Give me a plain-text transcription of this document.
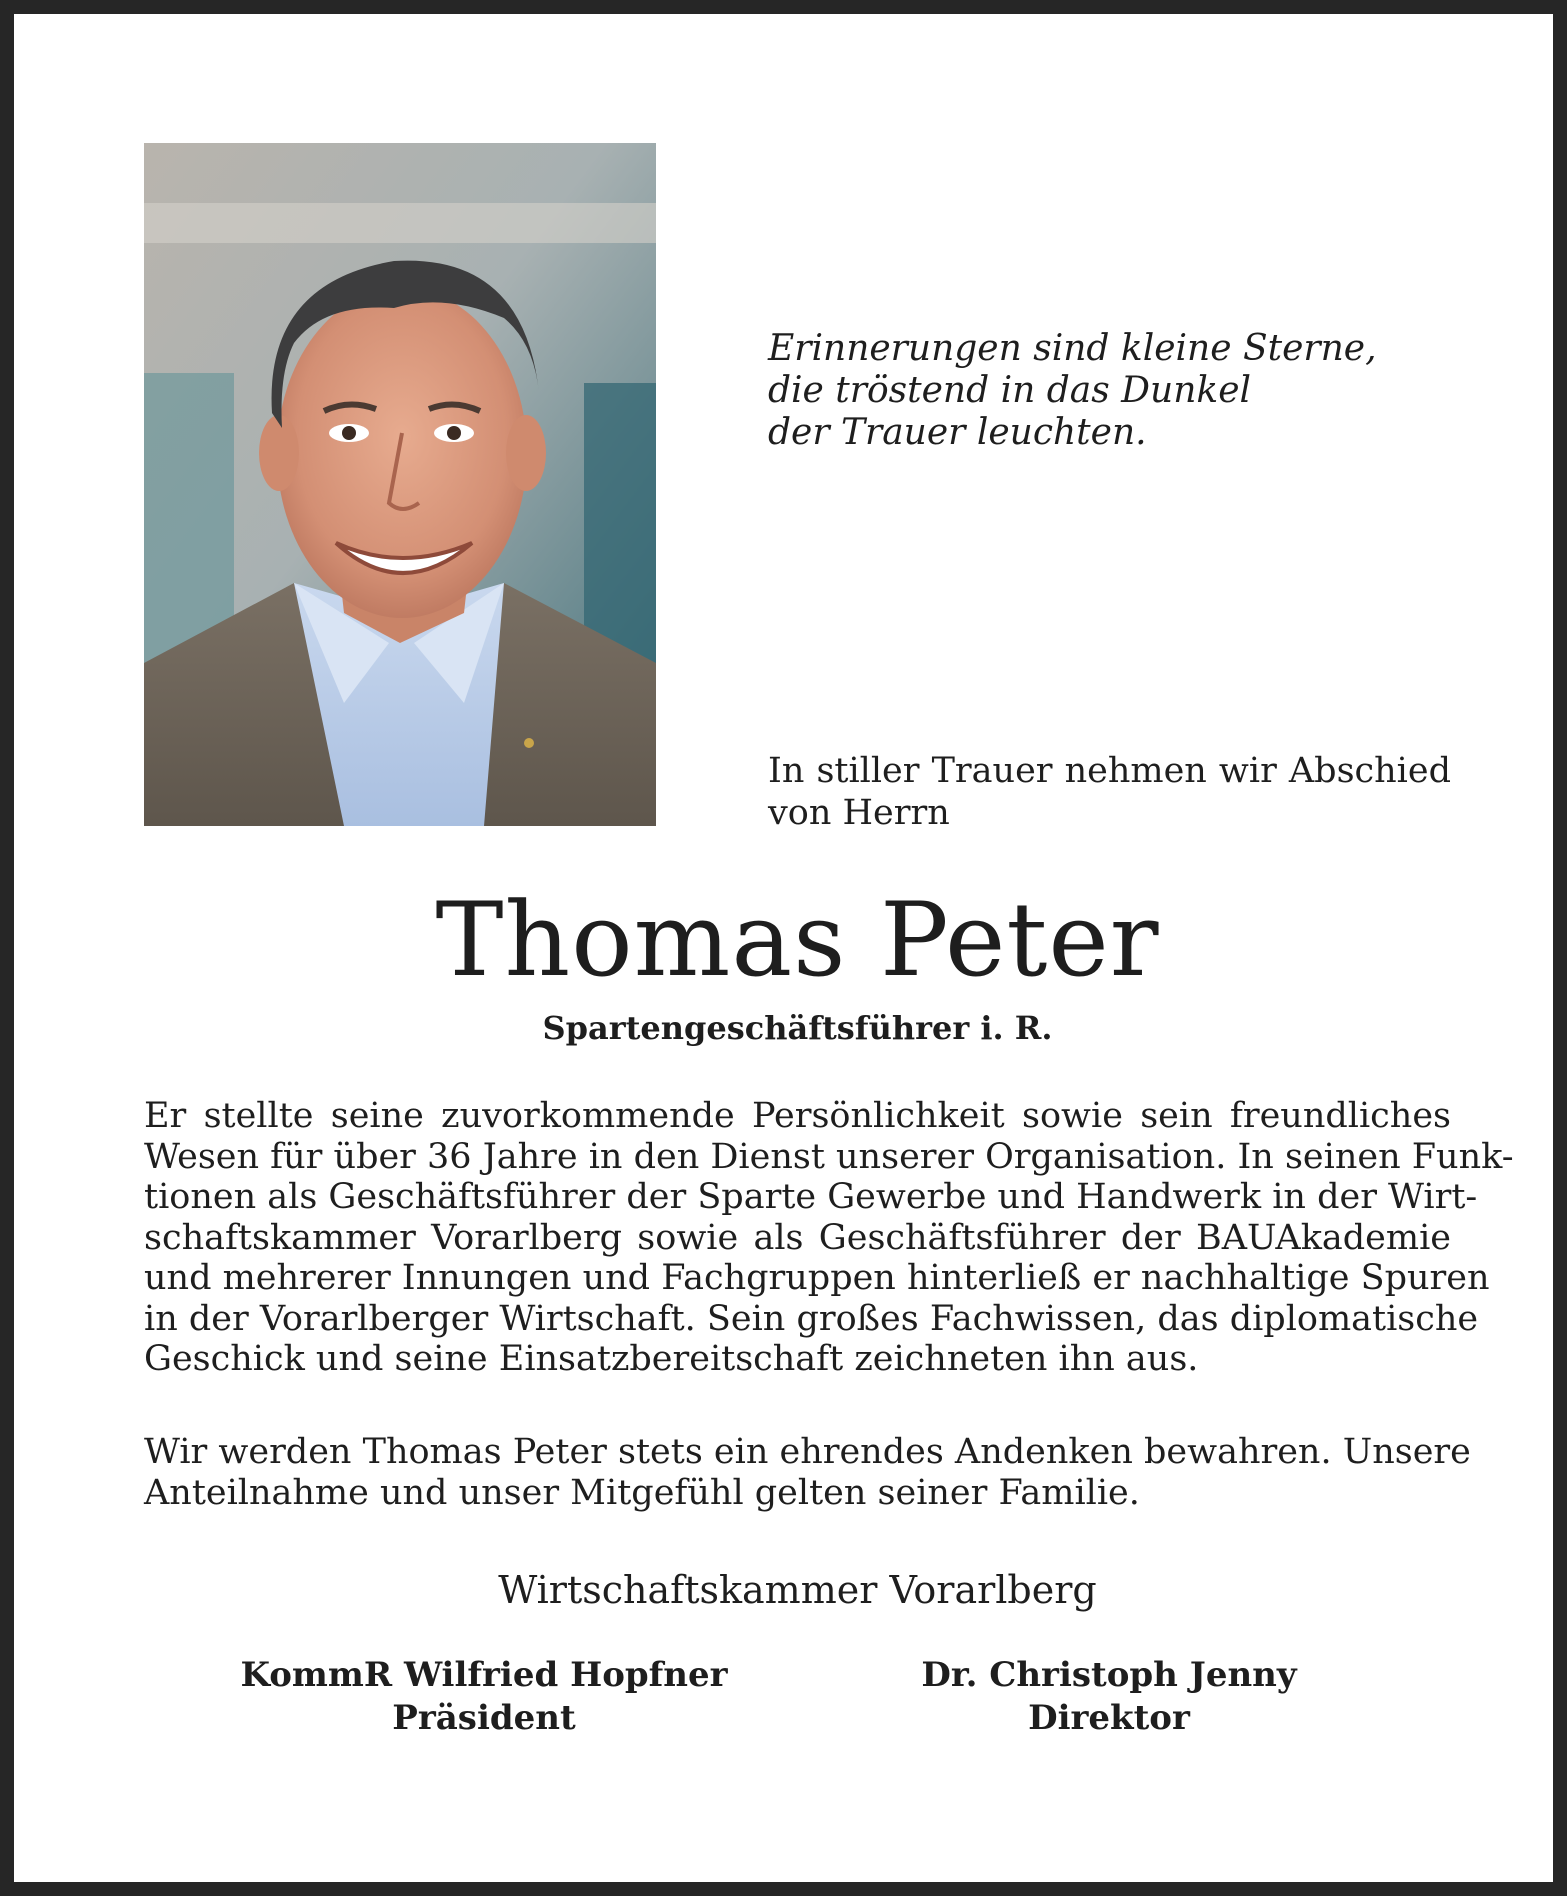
Erinnerungen sind kleine Sterne,
die tröstend in das Dunkel
der Trauer leuchten.
In stiller Trauer nehmen wir Abschied
von Herrn
Thomas Peter
Spartengeschäftsführer i. R.
Er stellte seine zuvorkommende Persönlichkeit sowie sein freundliches
Wesen für über 36 Jahre in den Dienst unserer Organisation. In seinen Funk-
tionen als Geschäftsführer der Sparte Gewerbe und Handwerk in der Wirt-
schaftskammer Vorarlberg sowie als Geschäftsführer der BAUAkademie
und mehrerer Innungen und Fachgruppen hinterließ er nachhaltige Spuren
in der Vorarlberger Wirtschaft. Sein großes Fachwissen, das diplomatische
Geschick und seine Einsatzbereitschaft zeichneten ihn aus.
Wir werden Thomas Peter stets ein ehrendes Andenken bewahren. Unsere
Anteilnahme und unser Mitgefühl gelten seiner Familie.
Wirtschaftskammer Vorarlberg
KommR Wilfried Hopfner
Präsident
Dr. Christoph Jenny
Direktor
